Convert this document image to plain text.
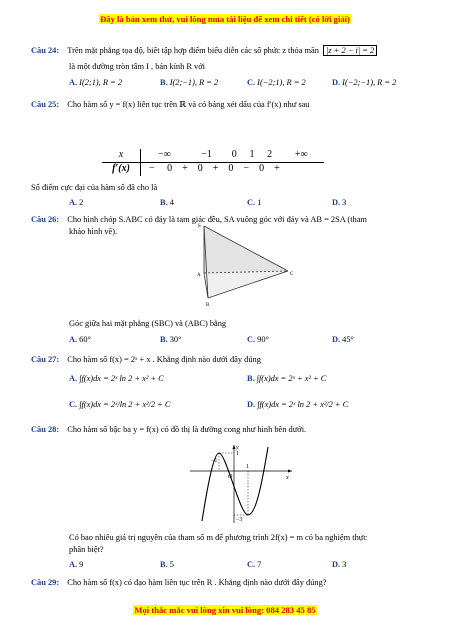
Đây là bản xem thử, vui lòng mua tài liệu để xem chi tiết (có lời giải)
Câu 24: Trên mặt phẳng tọa độ, biết tập hợp điểm biểu diễn các số phức z thỏa mãn |z + 2 − i| = 2
là một đường tròn tâm I , bán kính R với
A. I(2;1), R = 2	B. I(2;−1), R = 2	C. I(−2;1), R = 2	D. I(−2;−1), R = 2
Câu 25: Cho hàm số y = f(x) liên tục trên ℝ và có bảng xét dấu của f′(x) như sau
x	−∞	−1	0	1	2	+∞
f′(x)	− 0 + 0 + 0 − 0 +					
Số điểm cực đại của hàm số đã cho là
A. 2	B. 4	C. 1	D. 3
Câu 26: Cho hình chóp S.ABC có đáy là tam giác đều, SA vuông góc với đáy và AB = 2SA (tham
khảo hình vẽ).
S
A
B
C
Góc giữa hai mặt phẳng (SBC) và (ABC) bằng
A. 60°	B. 30°	C. 90°	D. 45°
Câu 27: Cho hàm số f(x) = 2ˣ + x . Khẳng định nào dưới đây đúng
A. ∫f(x)dx = 2ˣ ln 2 + x² + C	B. ∫f(x)dx = 2ˣ + x² + C
C. ∫f(x)dx = 2ˣ/ln 2 + x²/2 + C	D. ∫f(x)dx = 2ˣ ln 2 + x²/2 + C
Câu 28: Cho hàm số bậc ba y = f(x) có đồ thị là đường cong như hình bên dưới.
y
x
O
1
−1
1
−3
Có bao nhiêu giá trị nguyên của tham số m để phương trình 2f(x) = m có ba nghiệm thực
phân biệt?
A. 9	B. 5	C. 7	D. 3
Câu 29: Cho hàm số f(x) có đạo hàm liên tục trên R . Khẳng định nào dưới đây đúng?
Mọi thắc mắc vui lòng xin vui lòng: 084 283 45 85
